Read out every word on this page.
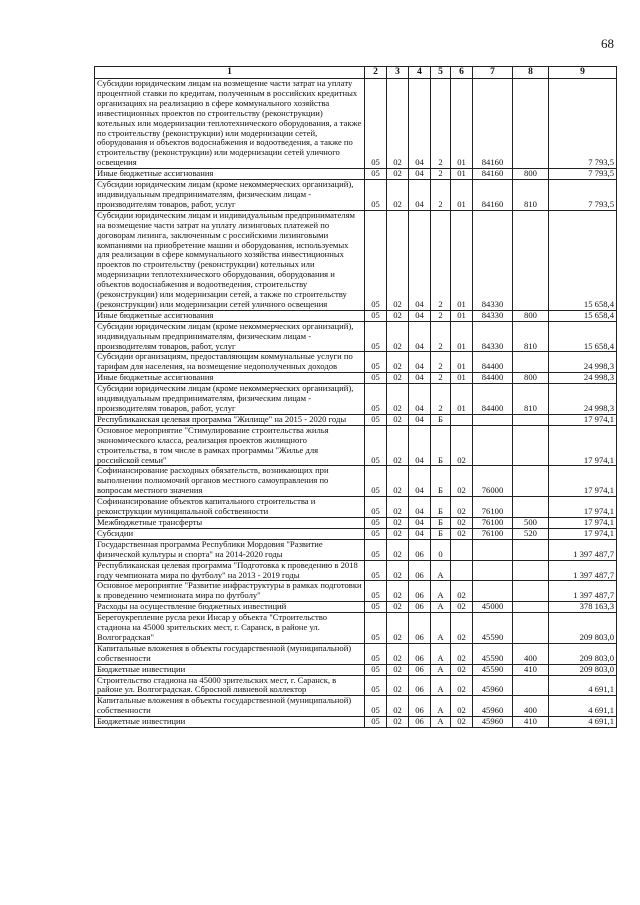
68
1	2	3	4	5	6	7	8	9
Субсидии юридическим лицам на возмещение части затрат на уплату процентной ставки по кредитам, полученным в российских кредитных организациях на реализацию в сфере коммунального хозяйства инвестиционных проектов по строительству (реконструкции) котельных или модернизации теплотехнического оборудования, а также по строительству (реконструкции) или модернизации сетей, оборудования и объектов водоснабжения и водоотведения, а также по строительству (реконструкции) или модернизации сетей уличного освещения	05	02	04	2	01	84160		7 793,5
Иные бюджетные ассигнования	05	02	04	2	01	84160	800	7 793,5
Субсидии юридическим лицам (кроме некоммерческих организаций), индивидуальным предпринимателям, физическим лицам - производителям товаров, работ, услуг	05	02	04	2	01	84160	810	7 793,5
Субсидии юридическим лицам и индивидуальным предпринимателям на возмещение части затрат на уплату лизинговых платежей по договорам лизинга, заключенным с российскими лизинговыми компаниями на приобретение машин и оборудования, используемых для реализации в сфере коммунального хозяйства инвестиционных проектов по строительству (реконструкции) котельных или модернизации теплотехнического оборудования, оборудования и объектов водоснабжения и водоотведения, строительству (реконструкции) или модернизации сетей, а также по строительству (реконструкции) или модернизации сетей уличного освещения	05	02	04	2	01	84330		15 658,4
Иные бюджетные ассигнования	05	02	04	2	01	84330	800	15 658,4
Субсидии юридическим лицам (кроме некоммерческих организаций), индивидуальным предпринимателям, физическим лицам - производителям товаров, работ, услуг	05	02	04	2	01	84330	810	15 658,4
Субсидии организациям, предоставляющим коммунальные услуги по тарифам для населения, на возмещение недополученных доходов	05	02	04	2	01	84400		24 998,3
Иные бюджетные ассигнования	05	02	04	2	01	84400	800	24 998,3
Субсидии юридическим лицам (кроме некоммерческих организаций), индивидуальным предпринимателям, физическим лицам - производителям товаров, работ, услуг	05	02	04	2	01	84400	810	24 998,3
Республиканская целевая программа "Жилище" на 2015 - 2020 годы	05	02	04	Б				17 974,1
Основное мероприятие "Стимулирование строительства жилья экономического класса, реализация проектов жилищного строительства, в том числе в рамках программы "Жилье для российской семьи"	05	02	04	Б	02			17 974,1
Софинансирование расходных обязательств, возникающих при выполнении полномочий органов местного самоуправления по вопросам местного значения	05	02	04	Б	02	76000		17 974,1
Софинансирование объектов капитального строительства и реконструкции муниципальной собственности	05	02	04	Б	02	76100		17 974,1
Межбюджетные трансферты	05	02	04	Б	02	76100	500	17 974,1
Субсидии	05	02	04	Б	02	76100	520	17 974,1
Государственная программа Республики Мордовия "Развитие физической культуры и спорта" на 2014-2020 годы	05	02	06	0				1 397 487,7
Республиканская целевая программа "Подготовка к проведению в 2018 году чемпионата мира по футболу" на 2013 - 2019 годы	05	02	06	А				1 397 487,7
Основное мероприятие "Развитие инфраструктуры в рамках подготовки к проведению чемпионата мира по футболу"	05	02	06	А	02			1 397 487,7
Расходы на осуществление бюджетных инвестиций	05	02	06	А	02	45000		378 163,3
Берегоукрепление русла реки Инсар у объекта "Строительство стадиона на 45000 зрительских мест, г. Саранск, в районе ул. Волгоградская"	05	02	06	А	02	45590		209 803,0
Капитальные вложения в объекты государственной (муниципальной) собственности	05	02	06	А	02	45590	400	209 803,0
Бюджетные инвестиции	05	02	06	А	02	45590	410	209 803,0
Строительство стадиона на 45000 зрительских мест, г. Саранск, в районе ул. Волгоградская. Сбросной ливневой коллектор	05	02	06	А	02	45960		4 691,1
Капитальные вложения в объекты государственной (муниципальной) собственности	05	02	06	А	02	45960	400	4 691,1
Бюджетные инвестиции	05	02	06	А	02	45960	410	4 691,1
